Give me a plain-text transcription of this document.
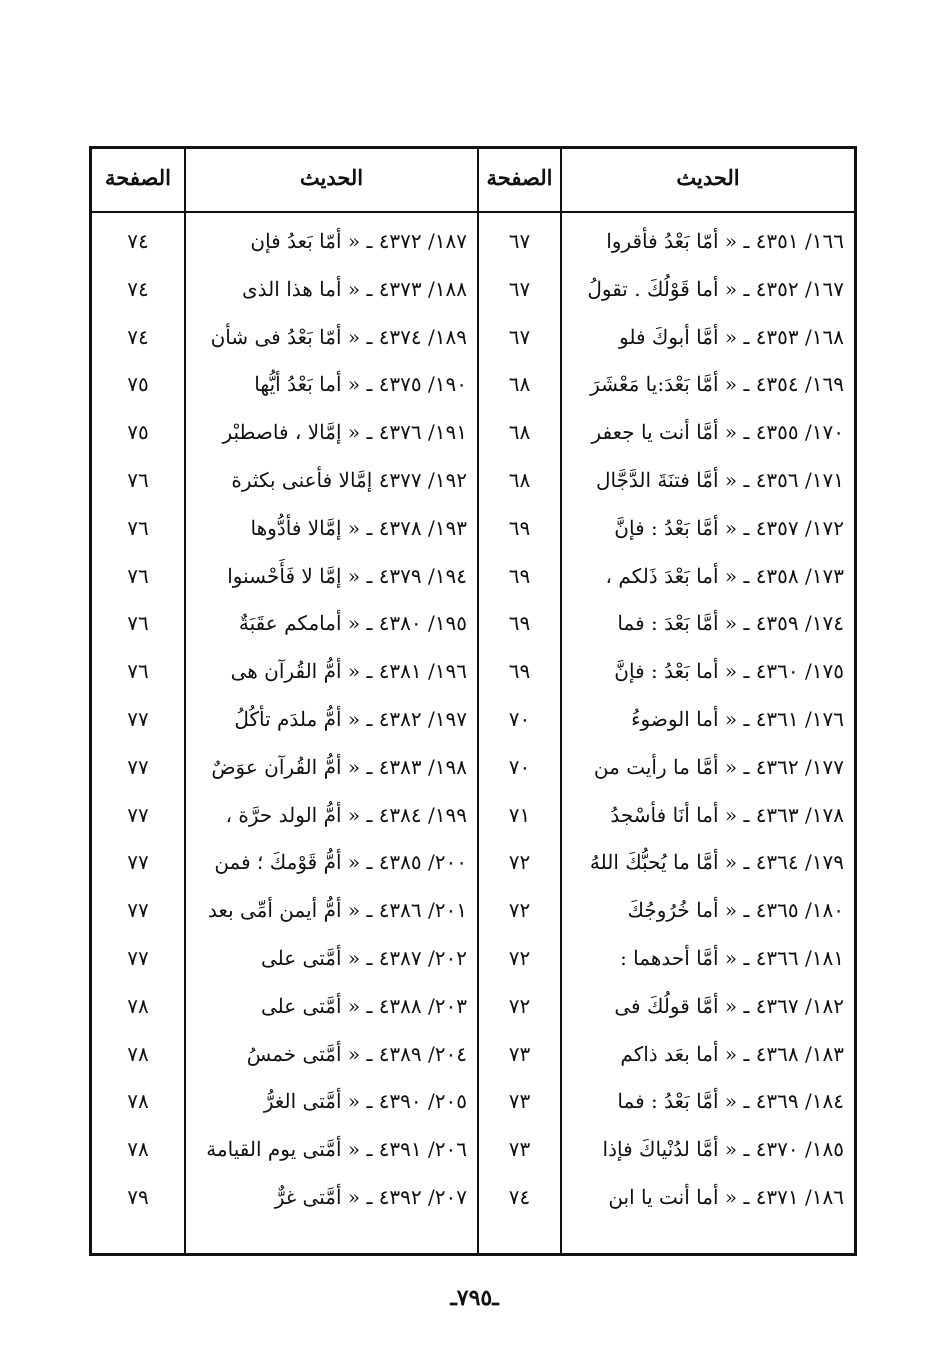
الحديث
الصفحة
الحديث
الصفحة
١٦٦/ ٤٣٥١ ـ « أمّا بَعْدُ فأقروا
٦٧
١٦٧/ ٤٣٥٢ ـ « أما قَوْلُكَ . تقولُ
٦٧
١٦٨/ ٤٣٥٣ ـ « أمَّا أبوكَ فلو
٦٧
١٦٩/ ٤٣٥٤ ـ « أمَّا بَعْدَ:يا مَعْشَرَ
٦٨
١٧٠/ ٤٣٥٥ ـ « أمَّا أنت يا جعفر
٦٨
١٧١/ ٤٣٥٦ ـ « أمَّا فتنَةَ الدَّجَّال
٦٨
١٧٢/ ٤٣٥٧ ـ « أمَّا بَعْدُ : فإنَّ
٦٩
١٧٣/ ٤٣٥٨ ـ « أما بَعْدَ ذَلكم ،
٦٩
١٧٤/ ٤٣٥٩ ـ « أمَّا بَعْدَ : فما
٦٩
١٧٥/ ٤٣٦٠ ـ « أما بَعْدُ : فإنَّ
٦٩
١٧٦/ ٤٣٦١ ـ « أما الوضوءُ
٧٠
١٧٧/ ٤٣٦٢ ـ « أمَّا ما رأيت من
٧٠
١٧٨/ ٤٣٦٣ ـ « أما أنَا فأسْجدُ
٧١
١٧٩/ ٤٣٦٤ ـ « أمَّا ما يُحبُّكَ اللهُ
٧٢
١٨٠/ ٤٣٦٥ ـ « أما خُرُوجُكَ
٧٢
١٨١/ ٤٣٦٦ ـ « أمَّا أحدهما :
٧٢
١٨٢/ ٤٣٦٧ ـ « أمَّا قولُكَ فى
٧٢
١٨٣/ ٤٣٦٨ ـ « أما بعَد ذاكم
٧٣
١٨٤/ ٤٣٦٩ ـ « أمَّا بَعْدُ : فما
٧٣
١٨٥/ ٤٣٧٠ ـ « أمَّا لدُنْياكَ فإذا
٧٣
١٨٦/ ٤٣٧١ ـ « أما أنت يا ابن
٧٤
١٨٧/ ٤٣٧٢ ـ « أمّا بَعدُ فإن
٧٤
١٨٨/ ٤٣٧٣ ـ « أما هذا الذى
٧٤
١٨٩/ ٤٣٧٤ ـ « أمّا بَعْدُ فى شأن
٧٤
١٩٠/ ٤٣٧٥ ـ « أما بَعْدُ أيُّها
٧٥
١٩١/ ٤٣٧٦ ـ « إمَّالا ، فاصطبْر
٧٥
١٩٢/ ٤٣٧٧ إمَّالا فأعنى بكثرة
٧٦
١٩٣/ ٤٣٧٨ ـ « إمَّالا فأدُّوها
٧٦
١٩٤/ ٤٣٧٩ ـ « إمَّا لا فَأَحْسنوا
٧٦
١٩٥/ ٤٣٨٠ ـ « أمامكم عقَبَةٌ
٧٦
١٩٦/ ٤٣٨١ ـ « أمُّ القُرآن هى
٧٦
١٩٧/ ٤٣٨٢ ـ « أمُّ ملدَم تأكُلُ
٧٧
١٩٨/ ٤٣٨٣ ـ « أمُّ القُرآن عوَضٌ
٧٧
١٩٩/ ٤٣٨٤ ـ « أمُّ الولد حرَّة ،
٧٧
٢٠٠/ ٤٣٨٥ ـ « أمُّ قَوْمكَ ؛ فمن
٧٧
٢٠١/ ٤٣٨٦ ـ « أمُّ أيمن أمِّى بعد
٧٧
٢٠٢/ ٤٣٨٧ ـ « أمَّتى على
٧٧
٢٠٣/ ٤٣٨٨ ـ « أمَّتى على
٧٨
٢٠٤/ ٤٣٨٩ ـ « أمَّتى خمسُ
٧٨
٢٠٥/ ٤٣٩٠ ـ « أمَّتى الغرُّ
٧٨
٢٠٦/ ٤٣٩١ ـ « أمَّتى يوم القيامة
٧٨
٢٠٧/ ٤٣٩٢ ـ « أمَّتى غرٌّ
٧٩
ـ٧٩٥ـ
